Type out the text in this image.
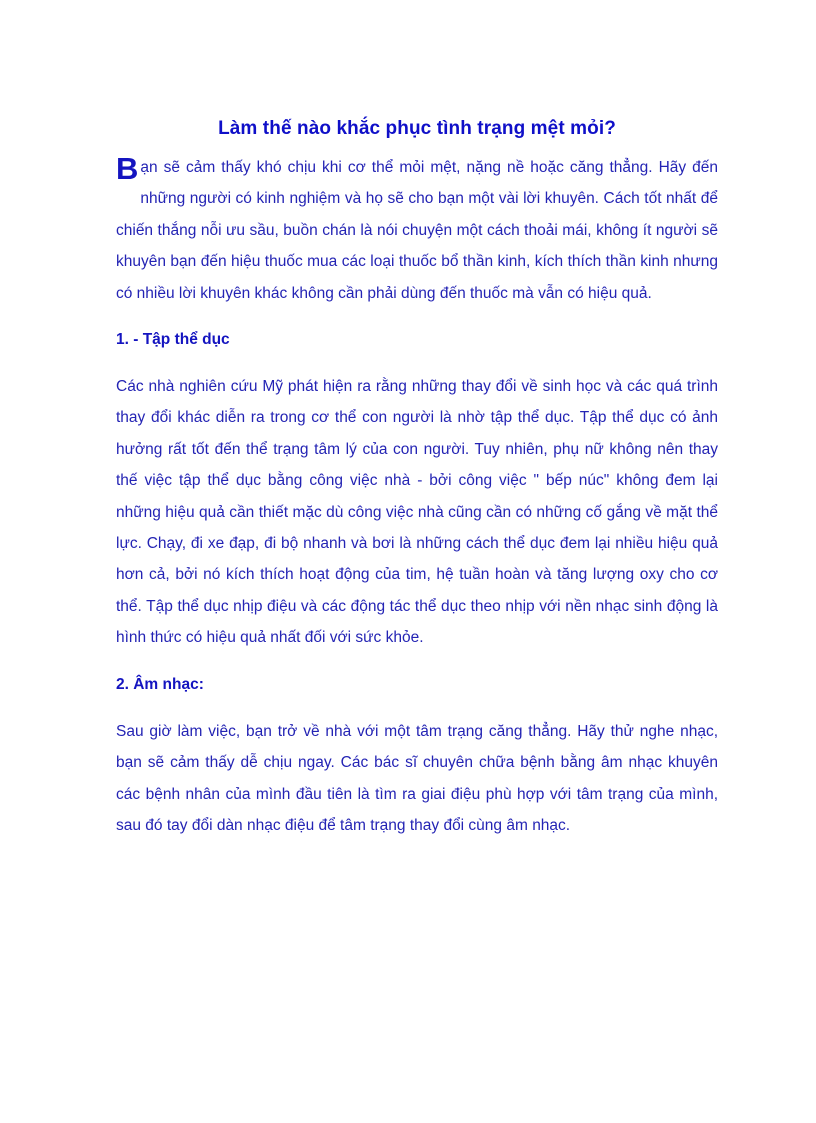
Làm thế nào khắc phục tình trạng mệt mỏi?

Bạn sẽ cảm thấy khó chịu khi cơ thể mỏi mệt, nặng nề hoặc căng thẳng. Hãy đến những người có kinh nghiệm và họ sẽ cho bạn một vài lời khuyên. Cách tốt nhất để chiến thắng nỗi ưu sầu, buồn chán là nói chuyện một cách thoải mái, không ít người sẽ khuyên bạn đến hiệu thuốc mua các loại thuốc bổ thần kinh, kích thích thần kinh nhưng có nhiều lời khuyên khác không cần phải dùng đến thuốc mà vẫn có hiệu quả.

1. - Tập thể dục

Các nhà nghiên cứu Mỹ phát hiện ra rằng những thay đổi về sinh học và các quá trình thay đổi khác diễn ra trong cơ thể con người là nhờ tập thể dục. Tập thể dục có ảnh hưởng rất tốt đến thể trạng tâm lý của con người. Tuy nhiên, phụ nữ không nên thay thế việc tập thể dục bằng công việc nhà - bởi công việc " bếp núc" không đem lại những hiệu quả cần thiết mặc dù công việc nhà cũng cần có những cố gắng về mặt thể lực. Chạy, đi xe đạp, đi bộ nhanh và bơi là những cách thể dục đem lại nhiều hiệu quả hơn cả, bởi nó kích thích hoạt động của tim, hệ tuần hoàn và tăng lượng oxy cho cơ thể. Tập thể dục nhịp điệu và các động tác thể dục theo nhịp với nền nhạc sinh động là hình thức có hiệu quả nhất đối với sức khỏe.

2. Âm nhạc:

Sau giờ làm việc, bạn trở về nhà với một tâm trạng căng thẳng. Hãy thử nghe nhạc, bạn sẽ cảm thấy dễ chịu ngay. Các bác sĩ chuyên chữa bệnh bằng âm nhạc khuyên các bệnh nhân của mình đầu tiên là tìm ra giai điệu phù hợp với tâm trạng của mình, sau đó tay đổi dàn nhạc điệu để tâm trạng thay đổi cùng âm nhạc.
